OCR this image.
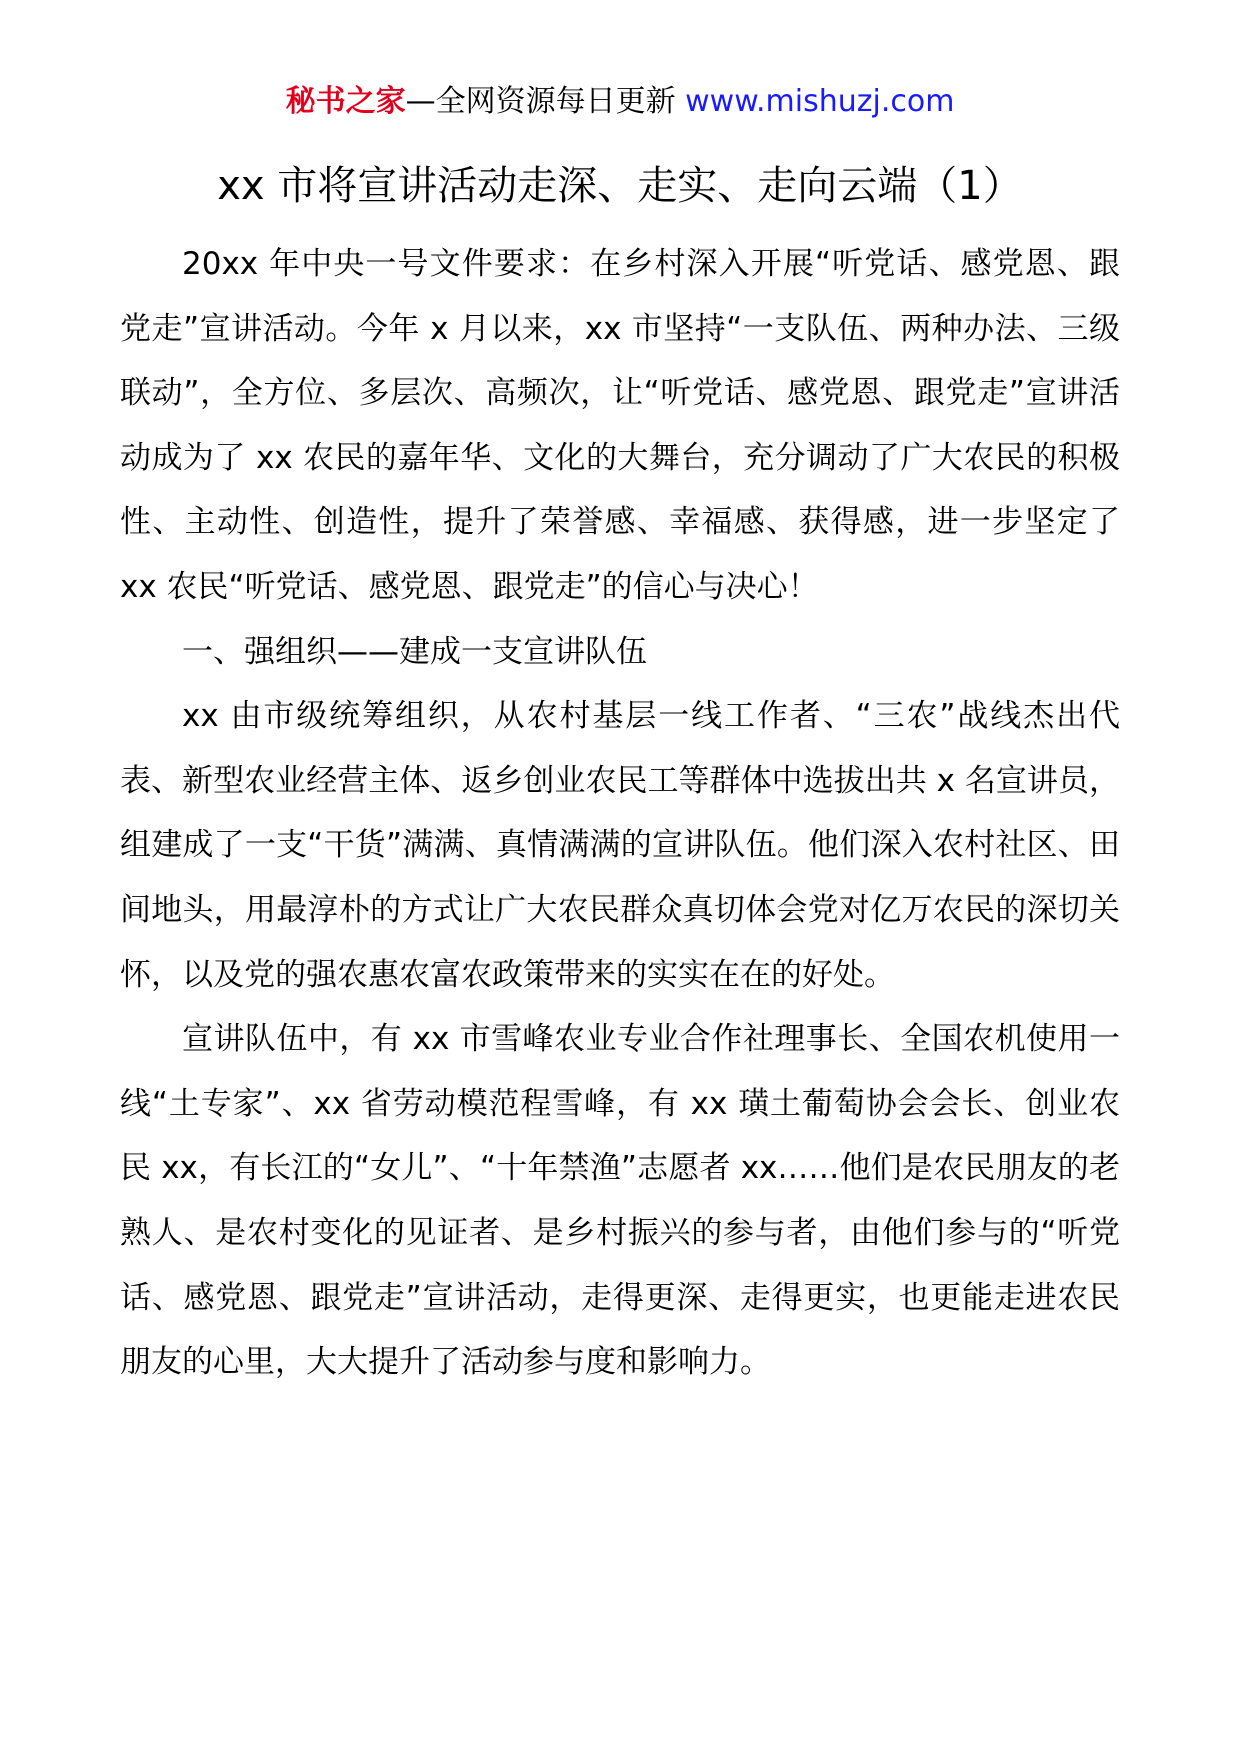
秘书之家—全网资源每日更新 www.mishuzj.com
xx 市将宣讲活动走深、走实、走向云端（1）

20xx 年中央一号文件要求：在乡村深入开展“听党话、感党恩、跟党走”宣讲活动。今年 x 月以来，xx 市坚持“一支队伍、两种办法、三级联动”，全方位、多层次、高频次，让“听党话、感党恩、跟党走”宣讲活动成为了 xx 农民的嘉年华、文化的大舞台，充分调动了广大农民的积极性、主动性、创造性，提升了荣誉感、幸福感、获得感，进一步坚定了 xx 农民“听党话、感党恩、跟党走”的信心与决心！

一、强组织——建成一支宣讲队伍

xx 由市级统筹组织，从农村基层一线工作者、“三农”战线杰出代表、新型农业经营主体、返乡创业农民工等群体中选拔出共 x 名宣讲员，组建成了一支“干货”满满、真情满满的宣讲队伍。他们深入农村社区、田间地头，用最淳朴的方式让广大农民群众真切体会党对亿万农民的深切关怀，以及党的强农惠农富农政策带来的实实在在的好处。

宣讲队伍中，有 xx 市雪峰农业专业合作社理事长、全国农机使用一线“土专家”、xx 省劳动模范程雪峰，有 xx 璜土葡萄协会会长、创业农民 xx，有长江的“女儿”、“十年禁渔”志愿者 xx……他们是农民朋友的老熟人、是农村变化的见证者、是乡村振兴的参与者，由他们参与的“听党话、感党恩、跟党走”宣讲活动，走得更深、走得更实，也更能走进农民朋友的心里，大大提升了活动参与度和影响力。
